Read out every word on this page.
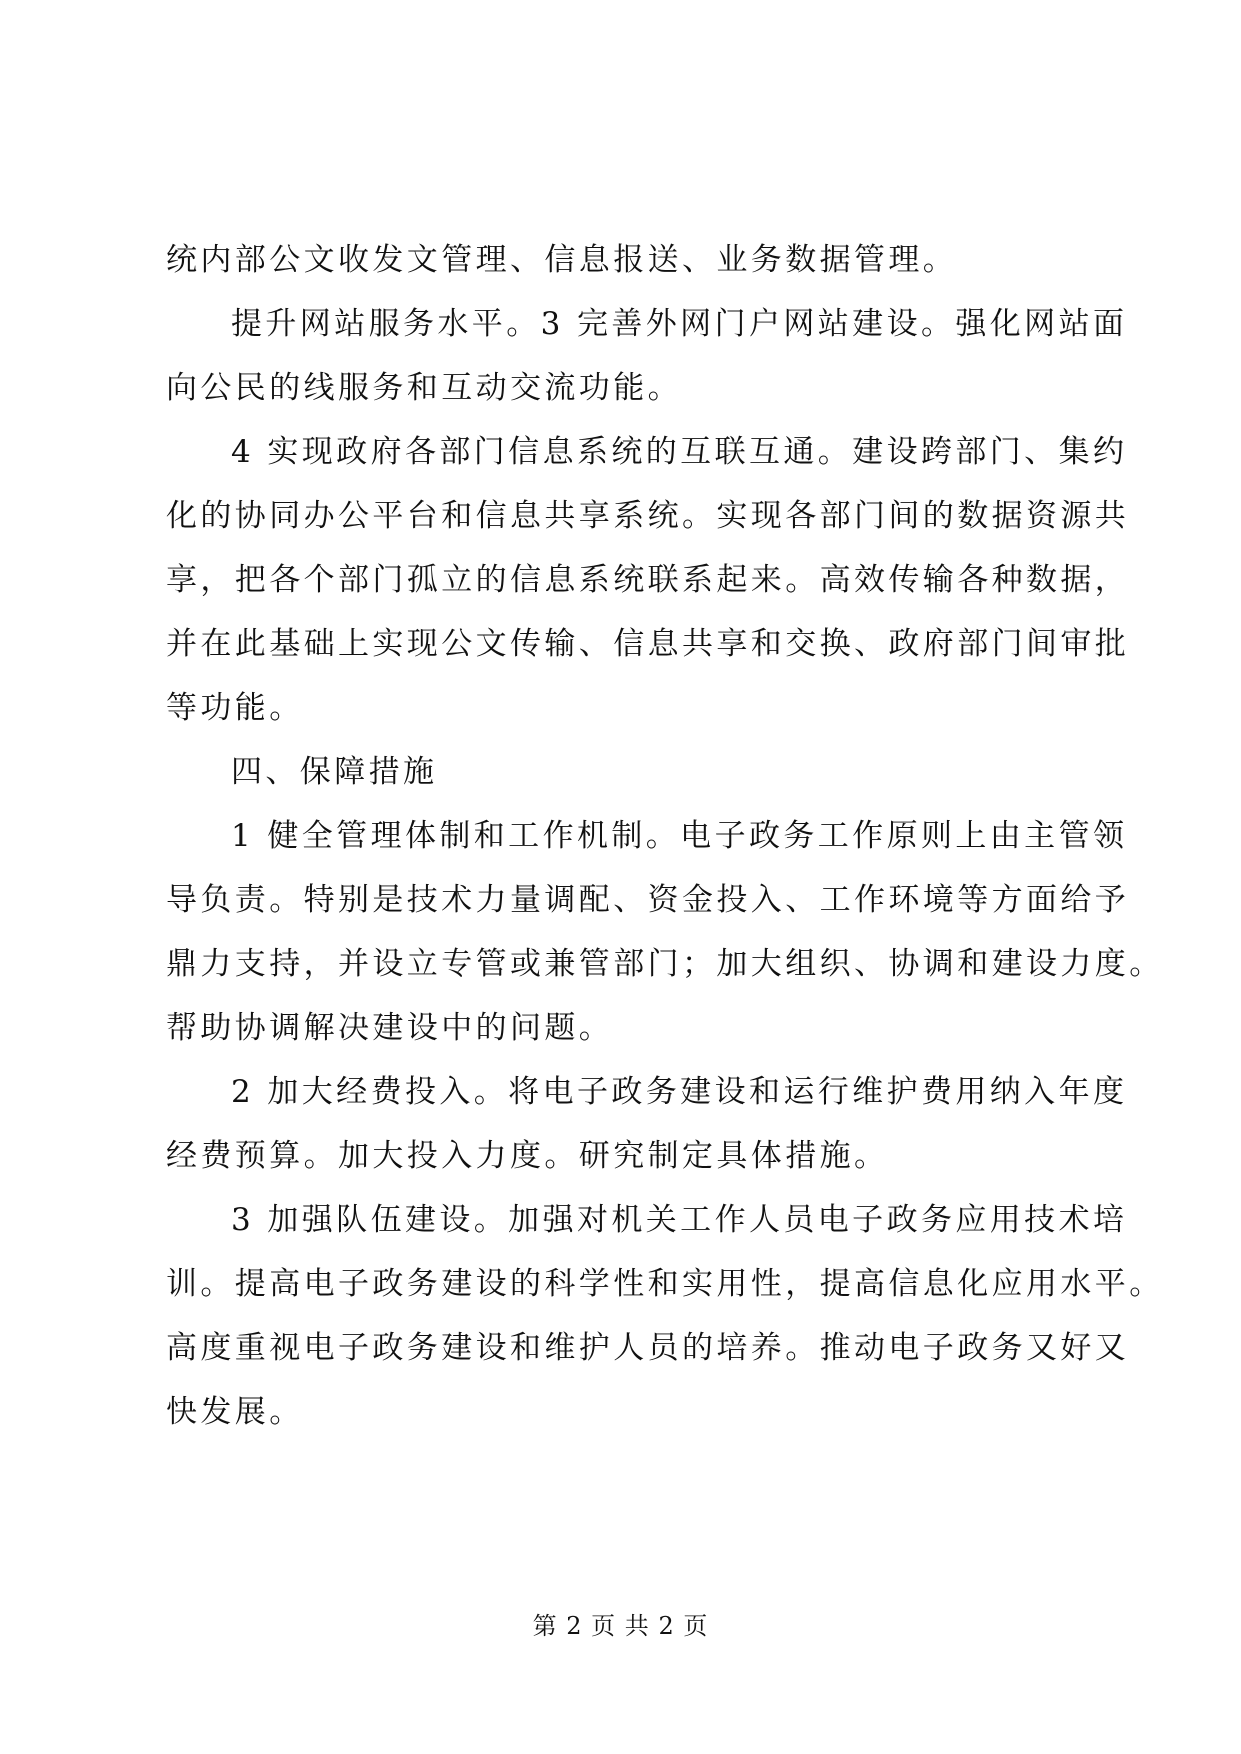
统内部公文收发文管理、信息报送、业务数据管理。
提升网站服务水平。3 完善外网门户网站建设。强化网站面
向公民的线服务和互动交流功能。
4 实现政府各部门信息系统的互联互通。建设跨部门、集约
化的协同办公平台和信息共享系统。实现各部门间的数据资源共
享，把各个部门孤立的信息系统联系起来。高效传输各种数据，
并在此基础上实现公文传输、信息共享和交换、政府部门间审批
等功能。
四、保障措施
1 健全管理体制和工作机制。电子政务工作原则上由主管领
导负责。特别是技术力量调配、资金投入、工作环境等方面给予
鼎力支持，并设立专管或兼管部门；加大组织、协调和建设力度。
帮助协调解决建设中的问题。
2 加大经费投入。将电子政务建设和运行维护费用纳入年度
经费预算。加大投入力度。研究制定具体措施。
3 加强队伍建设。加强对机关工作人员电子政务应用技术培
训。提高电子政务建设的科学性和实用性，提高信息化应用水平。
高度重视电子政务建设和维护人员的培养。推动电子政务又好又
快发展。
第 2 页 共 2 页
